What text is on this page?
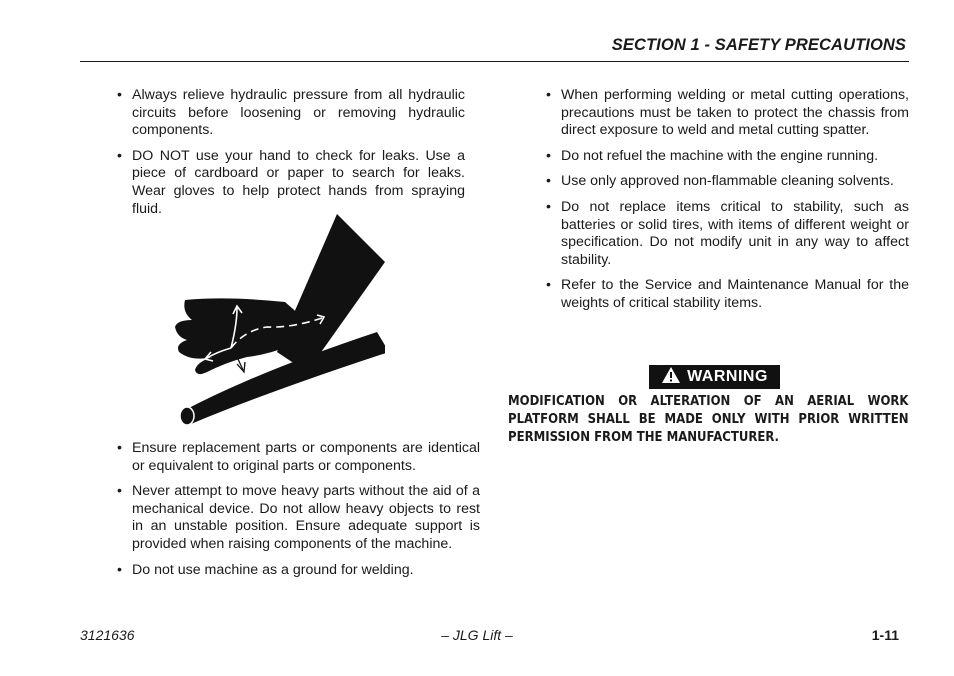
SECTION 1 - SAFETY PRECAUTIONS
• Always relieve hydraulic pressure from all hydraulic circuits before loosening or removing hydraulic components.
• DO NOT use your hand to check for leaks. Use a piece of cardboard or paper to search for leaks. Wear gloves to help protect hands from spraying fluid.
• Ensure replacement parts or components are identical or equivalent to original parts or components.
• Never attempt to move heavy parts without the aid of a mechanical device. Do not allow heavy objects to rest in an unstable position. Ensure adequate support is provided when raising components of the machine.
• Do not use machine as a ground for welding.
• When performing welding or metal cutting operations, precautions must be taken to protect the chassis from direct exposure to weld and metal cutting spatter.
• Do not refuel the machine with the engine running.
• Use only approved non-flammable cleaning solvents.
• Do not replace items critical to stability, such as batteries or solid tires, with items of different weight or specification. Do not modify unit in any way to affect stability.
• Refer to the Service and Maintenance Manual for the weights of critical stability items.
WARNING
MODIFICATION OR ALTERATION OF AN AERIAL WORK PLATFORM SHALL BE MADE ONLY WITH PRIOR WRITTEN PERMISSION FROM THE MANUFACTURER.
3121636	– JLG Lift –	1-11
